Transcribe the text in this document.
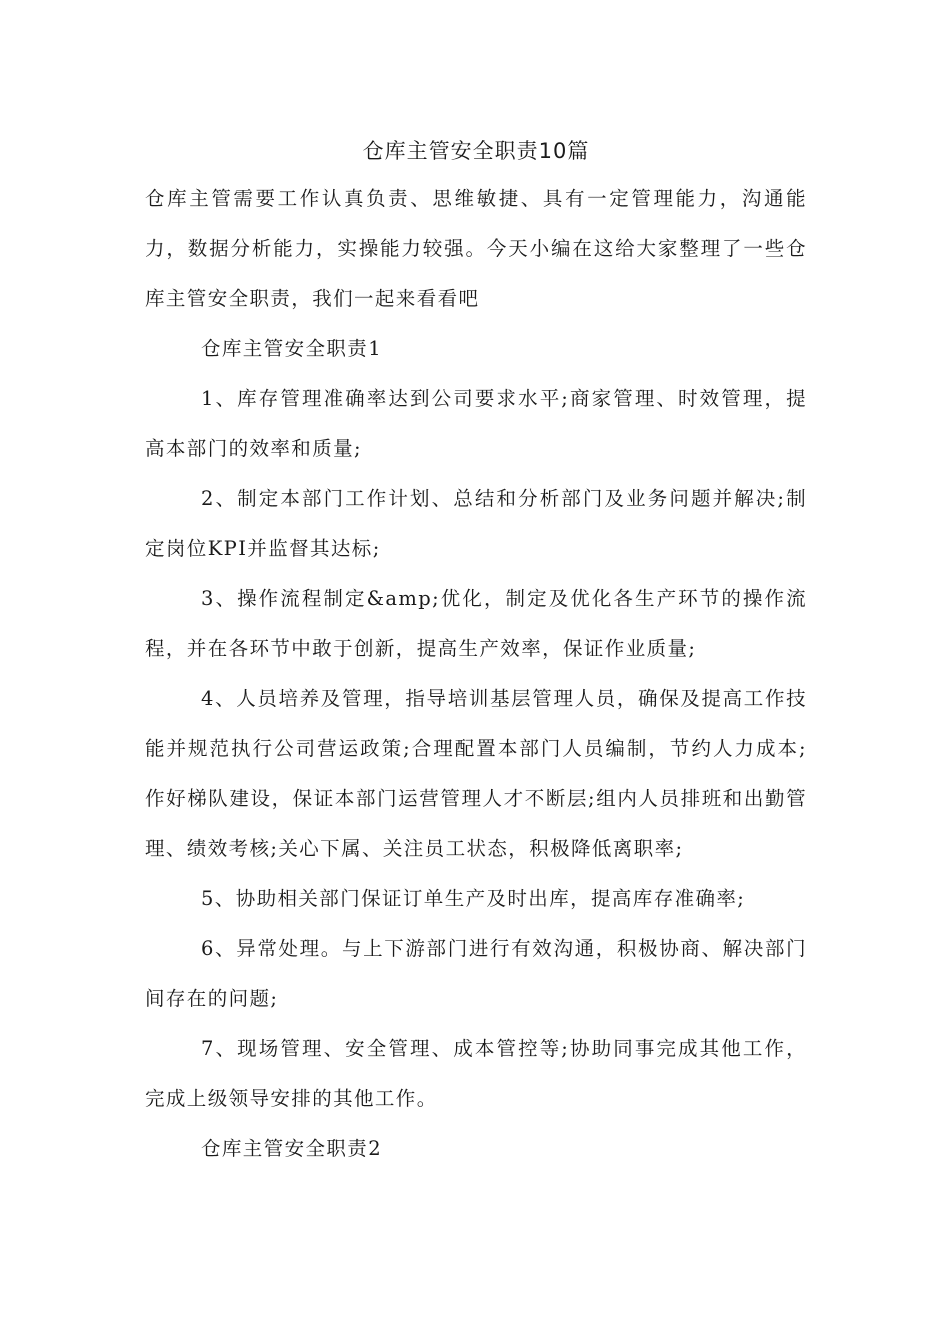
仓库主管安全职责10篇

仓库主管需要工作认真负责、思维敏捷、具有一定管理能力，沟通能力，数据分析能力，实操能力较强。今天小编在这给大家整理了一些仓库主管安全职责，我们一起来看看吧

仓库主管安全职责1

1、库存管理准确率达到公司要求水平;商家管理、时效管理，提高本部门的效率和质量;

2、制定本部门工作计划、总结和分析部门及业务问题并解决;制定岗位KPI并监督其达标;

3、操作流程制定&amp;优化，制定及优化各生产环节的操作流程，并在各环节中敢于创新，提高生产效率，保证作业质量;

4、人员培养及管理，指导培训基层管理人员，确保及提高工作技能并规范执行公司营运政策;合理配置本部门人员编制，节约人力成本;作好梯队建设，保证本部门运营管理人才不断层;组内人员排班和出勤管理、绩效考核;关心下属、关注员工状态，积极降低离职率;

5、协助相关部门保证订单生产及时出库，提高库存准确率;

6、异常处理。与上下游部门进行有效沟通，积极协商、解决部门间存在的问题;

7、现场管理、安全管理、成本管控等;协助同事完成其他工作，完成上级领导安排的其他工作。

仓库主管安全职责2
